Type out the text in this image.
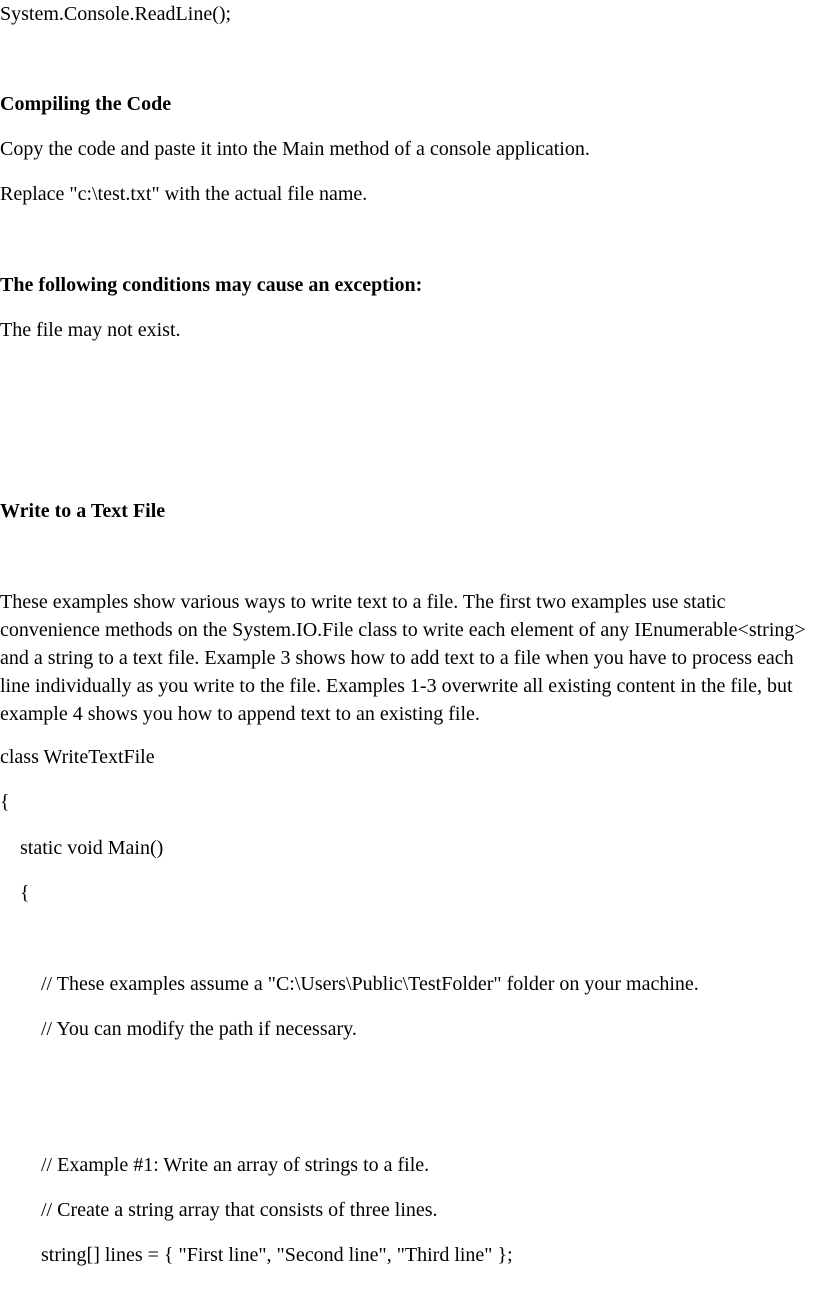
System.Console.ReadLine();

Compiling the Code

Copy the code and paste it into the Main method of a console application.

Replace "c:\test.txt" with the actual file name.

The following conditions may cause an exception:

The file may not exist.

Write to a Text File

These examples show various ways to write text to a file. The first two examples use static convenience methods on the System.IO.File class to write each element of any IEnumerable<string> and a string to a text file. Example 3 shows how to add text to a file when you have to process each line individually as you write to the file. Examples 1-3 overwrite all existing content in the file, but example 4 shows you how to append text to an existing file.

class WriteTextFile

{

static void Main()

{

// These examples assume a "C:\Users\Public\TestFolder" folder on your machine.

// You can modify the path if necessary.

// Example #1: Write an array of strings to a file.

// Create a string array that consists of three lines.

string[] lines = { "First line", "Second line", "Third line" };
